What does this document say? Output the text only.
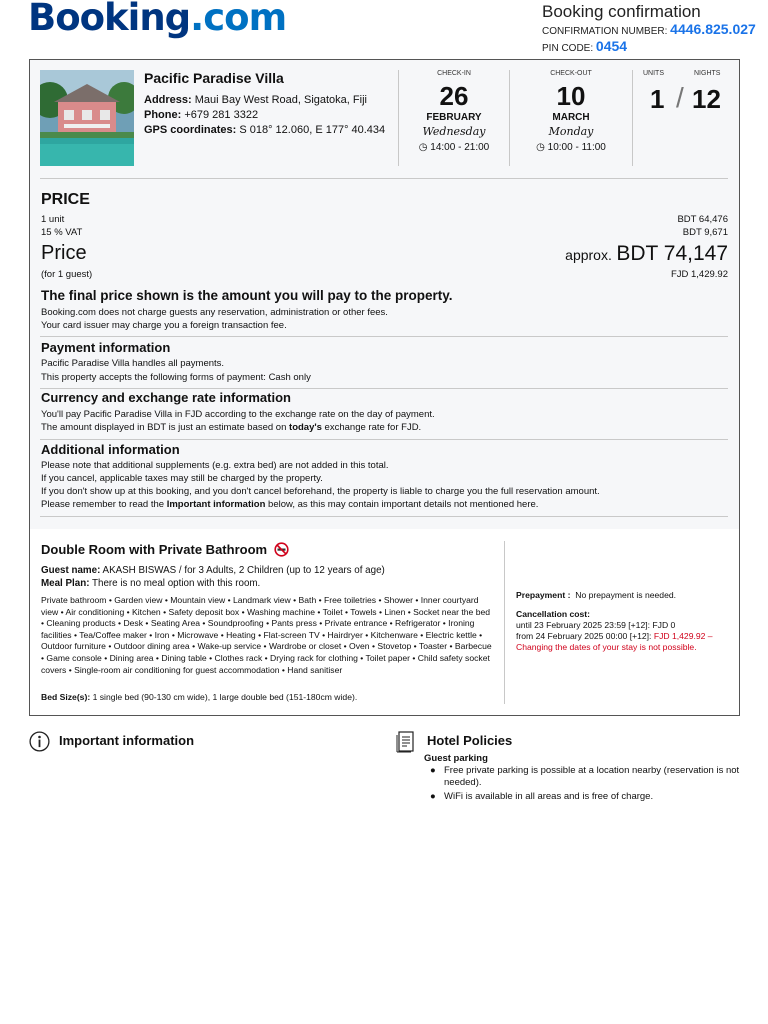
Booking.com	Booking confirmation
CONFIRMATION NUMBER: 4446.825.027
PIN CODE: 0454
Pacific Paradise Villa
Address: Maui Bay West Road, Sigatoka, Fiji
Phone: +679 281 3322
GPS coordinates: S 018° 12.060, E 177° 40.434
CHECK-IN
26
FEBRUARY
Wednesday
◷ 14:00 - 21:00
CHECK-OUT
10
MARCH
Monday
◷ 10:00 - 11:00
UNITS	NIGHTS
1 / 12
PRICE
1 unit	BDT 64,476
15 % VAT	BDT 9,671
Price	approx. BDT 74,147
(for 1 guest)	FJD 1,429.92
The final price shown is the amount you will pay to the property.
Booking.com does not charge guests any reservation, administration or other fees.
Your card issuer may charge you a foreign transaction fee.
Payment information
Pacific Paradise Villa handles all payments.
This property accepts the following forms of payment: Cash only
Currency and exchange rate information
You'll pay Pacific Paradise Villa in FJD according to the exchange rate on the day of payment.
The amount displayed in BDT is just an estimate based on today's exchange rate for FJD.
Additional information
Please note that additional supplements (e.g. extra bed) are not added in this total.
If you cancel, applicable taxes may still be charged by the property.
If you don't show up at this booking, and you don't cancel beforehand, the property is liable to charge you the full reservation amount.
Please remember to read the Important information below, as this may contain important details not mentioned here.
Double Room with Private Bathroom
Guest name: AKASH BISWAS / for 3 Adults, 2 Children (up to 12 years of age)
Meal Plan: There is no meal option with this room.
Private bathroom • Garden view • Mountain view • Landmark view • Bath • Free toiletries • Shower • Inner courtyard view • Air conditioning • Kitchen • Safety deposit box • Washing machine • Toilet • Towels • Linen • Socket near the bed • Cleaning products • Desk • Seating Area • Soundproofing • Pants press • Private entrance • Refrigerator • Ironing facilities • Tea/Coffee maker • Iron • Microwave • Heating • Flat-screen TV • Hairdryer • Kitchenware • Electric kettle • Outdoor furniture • Outdoor dining area • Wake-up service • Wardrobe or closet • Oven • Stovetop • Toaster • Barbecue • Game console • Dining area • Dining table • Clothes rack • Drying rack for clothing • Toilet paper • Child safety socket covers • Single-room air conditioning for guest accommodation • Hand sanitiser
Bed Size(s): 1 single bed (90-130 cm wide), 1 large double bed (151-180cm wide).
Prepayment : No prepayment is needed.
Cancellation cost:
until 23 February 2025 23:59 [+12]: FJD 0
from 24 February 2025 00:00 [+12]: FJD 1,429.92 –
Changing the dates of your stay is not possible.
Important information	Hotel Policies
Guest parking
● Free private parking is possible at a location nearby (reservation is not needed).
● WiFi is available in all areas and is free of charge.
